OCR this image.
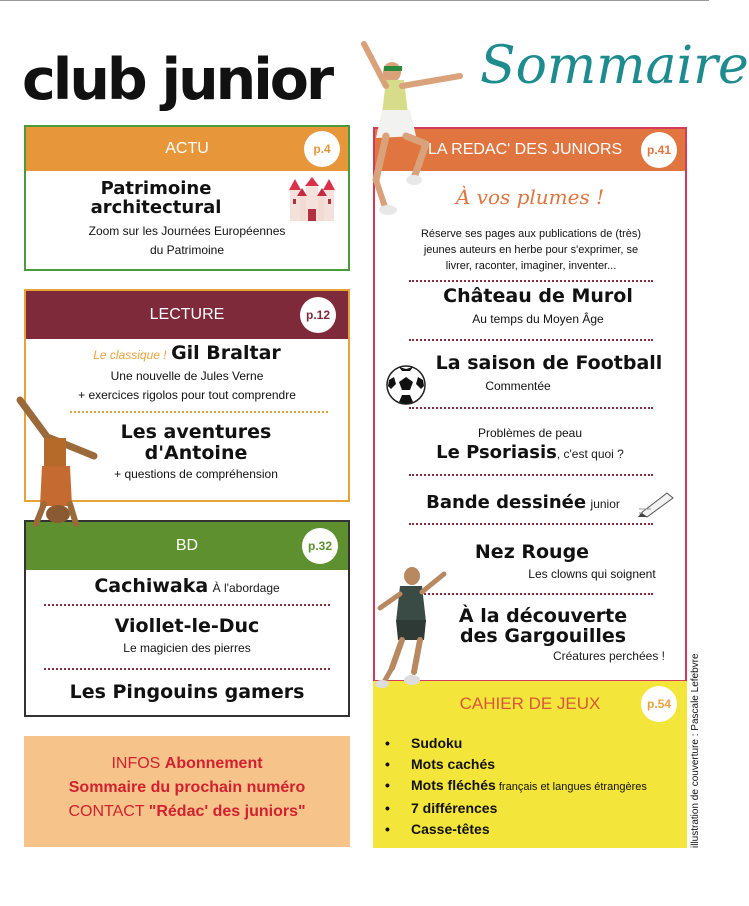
club junior	Sommaire
ACTU	p.4
Patrimoine
architectural
Zoom sur les Journées Européennes
du Patrimoine
LECTURE	p.12
Le classique ! Gil Braltar
Une nouvelle de Jules Verne
+ exercices rigolos pour tout comprendre
Les aventures
d'Antoine
+ questions de compréhension
BD	p.32
Cachiwaka À l'abordage
Viollet-le-Duc
Le magicien des pierres
Les Pingouins gamers
INFOS Abonnement
Sommaire du prochain numéro
CONTACT "Rédac' des juniors"
LA REDAC' DES JUNIORS	p.41
À vos plumes !
Réserve ses pages aux publications de (très)
jeunes auteurs en herbe pour s'exprimer, se
livrer, raconter, imaginer, inventer...
Château de Murol
Au temps du Moyen Âge
La saison de Football
Commentée
Problèmes de peau
Le Psoriasis, c'est quoi ?
Bande dessinée junior
Nez Rouge
Les clowns qui soignent
À la découverte
des Gargouilles
Créatures perchées !
CAHIER DE JEUX	p.54
• Sudoku
• Mots cachés
• Mots fléchés français et langues étrangères
• 7 différences
• Casse-têtes	illustration de couverture : Pascale Lefebvre
